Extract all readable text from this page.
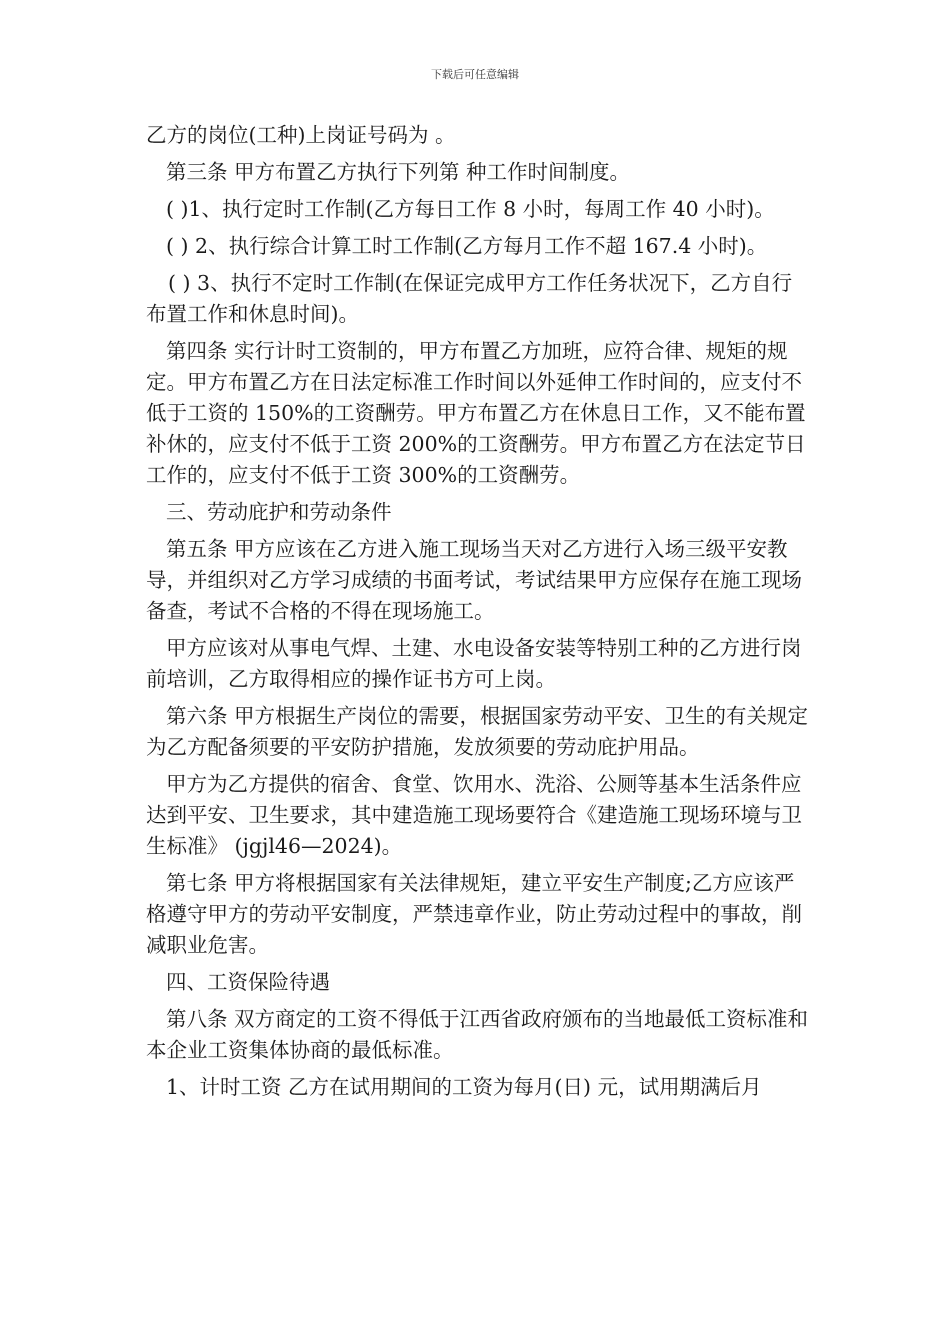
下载后可任意编辑

乙方的岗位(工种)上岗证号码为 。

第三条 甲方布置乙方执行下列第 种工作时间制度。

( )1、执行定时工作制(乙方每日工作 8 小时，每周工作 40 小时)。

( ) 2、执行综合计算工时工作制(乙方每月工作不超 167.4 小时)。

( ) 3、执行不定时工作制(在保证完成甲方工作任务状况下，乙方自行布置工作和休息时间)。

第四条 实行计时工资制的，甲方布置乙方加班，应符合律、规矩的规定。甲方布置乙方在日法定标准工作时间以外延伸工作时间的，应支付不低于工资的 150%的工资酬劳。甲方布置乙方在休息日工作，又不能布置补休的，应支付不低于工资 200%的工资酬劳。甲方布置乙方在法定节日工作的，应支付不低于工资 300%的工资酬劳。

三、劳动庇护和劳动条件

第五条 甲方应该在乙方进入施工现场当天对乙方进行入场三级平安教导，并组织对乙方学习成绩的书面考试，考试结果甲方应保存在施工现场备查，考试不合格的不得在现场施工。

甲方应该对从事电气焊、土建、水电设备安装等特别工种的乙方进行岗前培训，乙方取得相应的操作证书方可上岗。

第六条 甲方根据生产岗位的需要，根据国家劳动平安、卫生的有关规定为乙方配备须要的平安防护措施，发放须要的劳动庇护用品。

甲方为乙方提供的宿舍、食堂、饮用水、洗浴、公厕等基本生活条件应达到平安、卫生要求，其中建造施工现场要符合《建造施工现场环境与卫生标准》 (jgjl46—2024)。

第七条 甲方将根据国家有关法律规矩，建立平安生产制度;乙方应该严格遵守甲方的劳动平安制度，严禁违章作业，防止劳动过程中的事故，削减职业危害。

四、工资保险待遇

第八条 双方商定的工资不得低于江西省政府颁布的当地最低工资标准和本企业工资集体协商的最低标准。

1、计时工资 乙方在试用期间的工资为每月(日) 元，试用期满后月
